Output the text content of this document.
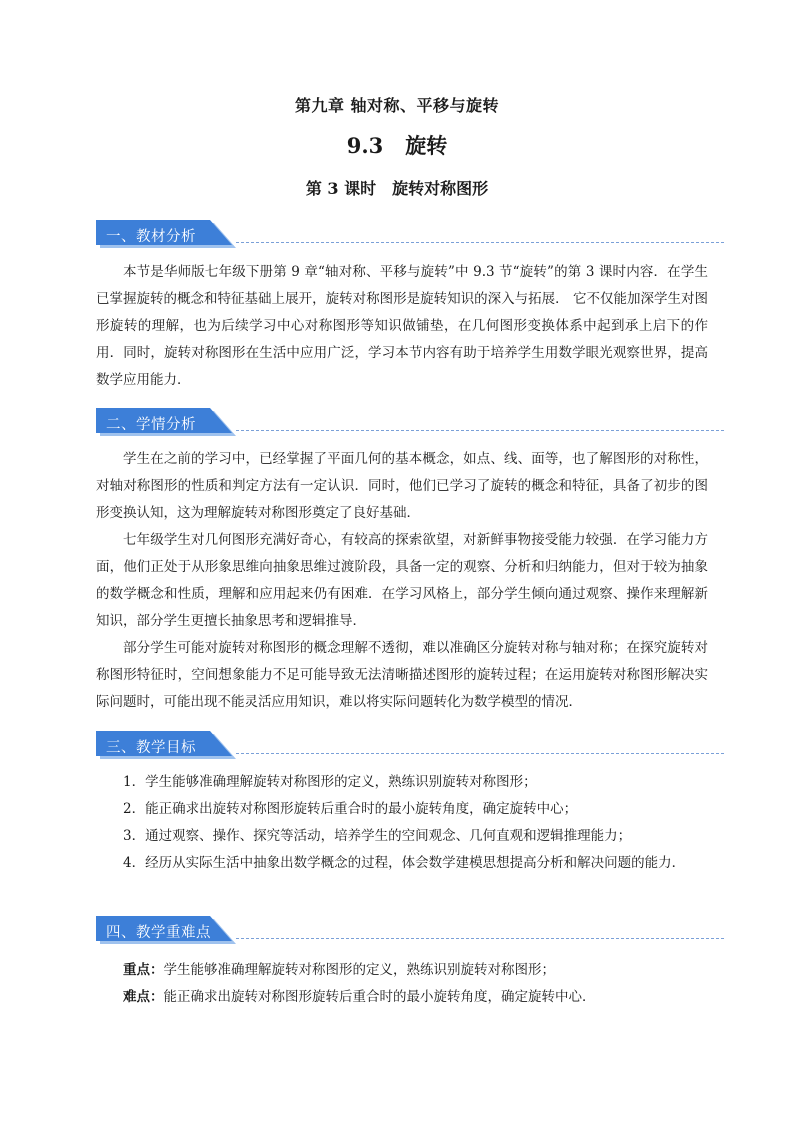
第九章 轴对称、平移与旋转
9.3 旋转
第 3 课时 旋转对称图形
一、教材分析

本节是华师版七年级下册第 9 章“轴对称、平移与旋转”中 9.3 节“旋转”的第 3 课时内容．在学生已掌握旋转的概念和特征基础上展开，旋转对称图形是旋转知识的深入与拓展． 它不仅能加深学生对图形旋转的理解，也为后续学习中心对称图形等知识做铺垫，在几何图形变换体系中起到承上启下的作用．同时，旋转对称图形在生活中应用广泛，学习本节内容有助于培养学生用数学眼光观察世界，提高数学应用能力．

二、学情分析

学生在之前的学习中，已经掌握了平面几何的基本概念，如点、线、面等，也了解图形的对称性，对轴对称图形的性质和判定方法有一定认识．同时，他们已学习了旋转的概念和特征，具备了初步的图形变换认知，这为理解旋转对称图形奠定了良好基础．

七年级学生对几何图形充满好奇心，有较高的探索欲望，对新鲜事物接受能力较强．在学习能力方面，他们正处于从形象思维向抽象思维过渡阶段，具备一定的观察、分析和归纳能力，但对于较为抽象的数学概念和性质，理解和应用起来仍有困难．在学习风格上，部分学生倾向通过观察、操作来理解新知识，部分学生更擅长抽象思考和逻辑推导．

部分学生可能对旋转对称图形的概念理解不透彻，难以准确区分旋转对称与轴对称；在探究旋转对称图形特征时，空间想象能力不足可能导致无法清晰描述图形的旋转过程；在运用旋转对称图形解决实际问题时，可能出现不能灵活应用知识，难以将实际问题转化为数学模型的情况．

三、教学目标

1．学生能够准确理解旋转对称图形的定义，熟练识别旋转对称图形；

2．能正确求出旋转对称图形旋转后重合时的最小旋转角度，确定旋转中心；

3．通过观察、操作、探究等活动，培养学生的空间观念、几何直观和逻辑推理能力；

4．经历从实际生活中抽象出数学概念的过程，体会数学建模思想提高分析和解决问题的能力．

四、教学重难点

重点：学生能够准确理解旋转对称图形的定义，熟练识别旋转对称图形；

难点：能正确求出旋转对称图形旋转后重合时的最小旋转角度，确定旋转中心．
